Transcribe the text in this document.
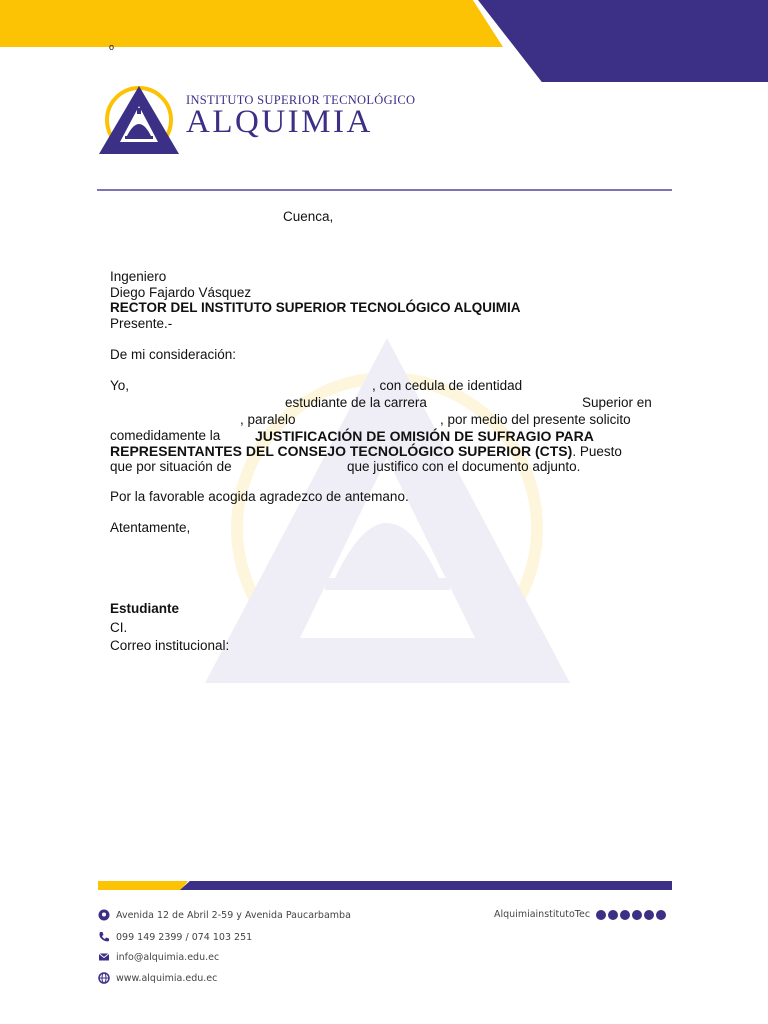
o
INSTITUTO SUPERIOR TECNOLÓGICO
ALQUIMIA
Cuenca,
Ingeniero
Diego Fajardo Vásquez
RECTOR DEL INSTITUTO SUPERIOR TECNOLÓGICO ALQUIMIA
Presente.-
De mi consideración:
Yo,	, con cedula de identidad
estudiante de la carrera	Superior en
, paralelo	, por medio del presente solicito
comedidamente la JUSTIFICACIÓN DE OMISIÓN DE SUFRAGIO PARA
REPRESENTANTES DEL CONSEJO TECNOLÓGICO SUPERIOR (CTS). Puesto
que por situación de	que justifico con el documento adjunto.
Por la favorable acogida agradezco de antemano.
Atentamente,
Estudiante
CI.
Correo institucional:
Avenida 12 de Abril 2-59 y Avenida Paucarbamba
099 149 2399 / 074 103 251
info@alquimia.edu.ec
www.alquimia.edu.ec
AlquimiainstitutoTec
